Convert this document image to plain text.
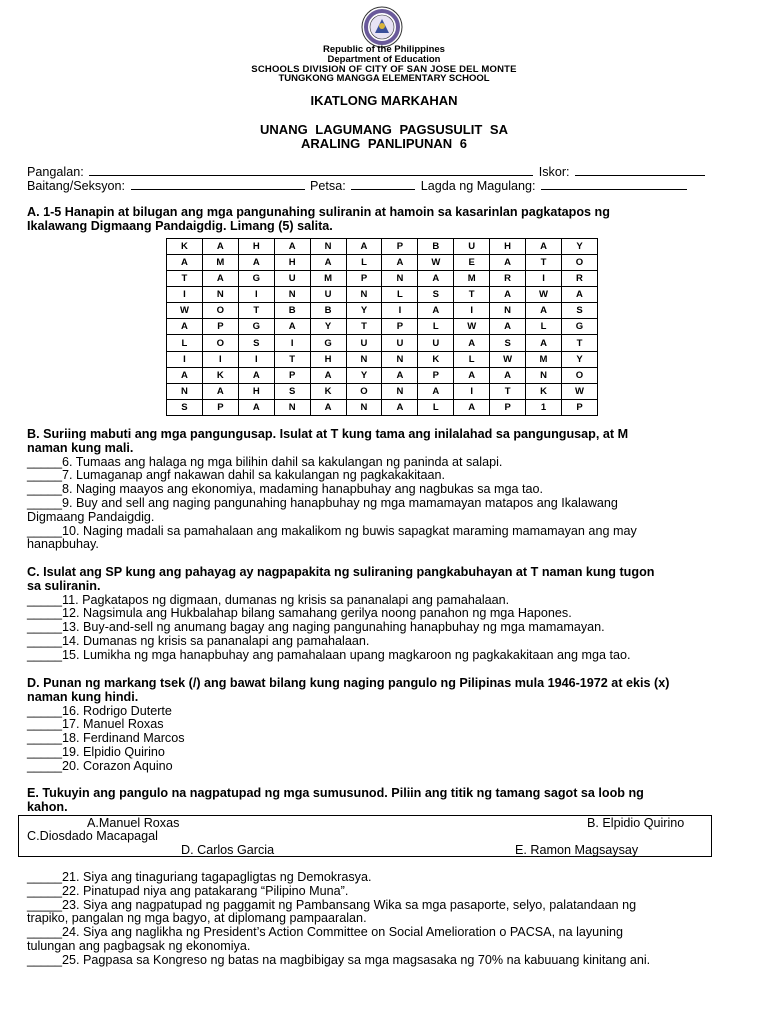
Republic of the Philippines
Department of Education
SCHOOLS DIVISION OF CITY OF SAN JOSE DEL MONTE
TUNGKONG MANGGA ELEMENTARY SCHOOL
IKATLONG MARKAHAN
UNANG LAGUMANG PAGSUSULIT SA
ARALING PANLIPUNAN 6
Pangalan:	Iskor:
Baitang/Seksyon:	Petsa:	Lagda ng Magulang:
A. 1-5 Hanapin at bilugan ang mga pangunahing suliranin at hamoin sa kasarinlan pagkatapos ng
Ikalawang Digmaang Pandaigdig. Limang (5) salita.
K	A	H	A	N	A	P	B	U	H	A	Y
A	M	A	H	A	L	A	W	E	A	T	O
T	A	G	U	M	P	N	A	M	R	I	R
I	N	I	N	U	N	L	S	T	A	W	A
W	O	T	B	B	Y	I	A	I	N	A	S
A	P	G	A	Y	T	P	L	W	A	L	G
L	O	S	I	G	U	U	U	A	S	A	T
I	I	I	T	H	N	N	K	L	W	M	Y
A	K	A	P	A	Y	A	P	A	A	N	O
N	A	H	S	K	O	N	A	I	T	K	W
S	P	A	N	A	N	A	L	A	P	1	P
B. Suriing mabuti ang mga pangungusap. Isulat at T kung tama ang inilalahad sa pangungusap, at M
naman kung mali.
_____6. Tumaas ang halaga ng mga bilihin dahil sa kakulangan ng paninda at salapi.
_____7. Lumaganap angf nakawan dahil sa kakulangan ng pagkakakitaan.
_____8. Naging maayos ang ekonomiya, madaming hanapbuhay ang nagbukas sa mga tao.
_____9. Buy and sell ang naging pangunahing hanapbuhay ng mga mamamayan matapos ang Ikalawang
Digmaang Pandaigdig.
_____10. Naging madali sa pamahalaan ang makalikom ng buwis sapagkat maraming mamamayan ang may
hanapbuhay.
C. Isulat ang SP kung ang pahayag ay nagpapakita ng suliraning pangkabuhayan at T naman kung tugon
sa suliranin.
_____11. Pagkatapos ng digmaan, dumanas ng krisis sa pananalapi ang pamahalaan.
_____12. Nagsimula ang Hukbalahap bilang samahang gerilya noong panahon ng mga Hapones.
_____13. Buy-and-sell ng anumang bagay ang naging pangunahing hanapbuhay ng mga mamamayan.
_____14. Dumanas ng krisis sa pananalapi ang pamahalaan.
_____15. Lumikha ng mga hanapbuhay ang pamahalaan upang magkaroon ng pagkakakitaan ang mga tao.
D. Punan ng markang tsek (/) ang bawat bilang kung naging pangulo ng Pilipinas mula 1946-1972 at ekis (x)
naman kung hindi.
_____16. Rodrigo Duterte
_____17. Manuel Roxas
_____18. Ferdinand Marcos
_____19. Elpidio Quirino
_____20. Corazon Aquino
E. Tukuyin ang pangulo na nagpatupad ng mga sumusunod. Piliin ang titik ng tamang sagot sa loob ng
kahon.
A.Manuel Roxas	B. Elpidio Quirino
C.Diosdado Macapagal
D. Carlos Garcia	E. Ramon Magsaysay
_____21. Siya ang tinaguriang tagapagligtas ng Demokrasya.
_____22. Pinatupad niya ang patakarang “Pilipino Muna”.
_____23. Siya ang nagpatupad ng paggamit ng Pambansang Wika sa mga pasaporte, selyo, palatandaan ng
trapiko, pangalan ng mga bagyo, at diplomang pampaaralan.
_____24. Siya ang naglikha ng President’s Action Committee on Social Amelioration o PACSA, na layuning
tulungan ang pagbagsak ng ekonomiya.
_____25. Pagpasa sa Kongreso ng batas na magbibigay sa mga magsasaka ng 70% na kabuuang kinitang ani.
